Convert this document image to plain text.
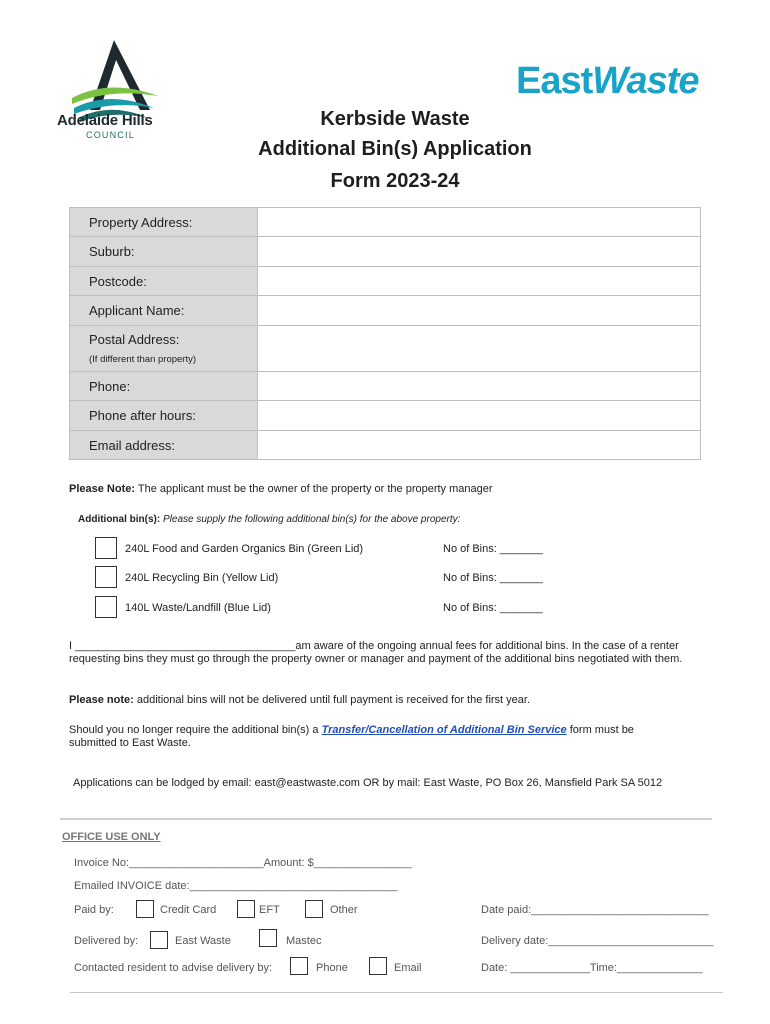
Adelaide Hills
COUNCIL
EastWaste
Kerbside Waste
Additional Bin(s) Application
Form 2023-24
Property Address:	
Suburb:	
Postcode:	
Applicant Name:	
Postal Address:
(If different than property)	

Phone:	
Phone after hours:	
Email address:	
Please Note: The applicant must be the owner of the property or the property manager
Additional bin(s): Please supply the following additional bin(s) for the above property:
240L Food and Garden Organics Bin (Green Lid)	No of Bins: _______
240L Recycling Bin (Yellow Lid)	No of Bins: _______
140L Waste/Landfill (Blue Lid)	No of Bins: _______
I ____________________________________am aware of the ongoing annual fees for additional bins. In the case of a renter requesting bins they must go through the property owner or manager and payment of the additional bins negotiated with them.
Please note: additional bins will not be delivered until full payment is received for the first year.
Should you no longer require the additional bin(s) a Transfer/Cancellation of Additional Bin Service form must be submitted to East Waste.
Applications can be lodged by email: east@eastwaste.com OR by mail: East Waste, PO Box 26, Mansfield Park SA 5012
OFFICE USE ONLY
Invoice No:______________________Amount: $________________
Emailed INVOICE date:__________________________________
Paid by:	Credit Card	EFT	Other	Date paid:_____________________________
Delivered by:	East Waste	Mastec	Delivery date:___________________________
Contacted resident to advise delivery by:	Phone	Email	Date: _____________Time:______________
